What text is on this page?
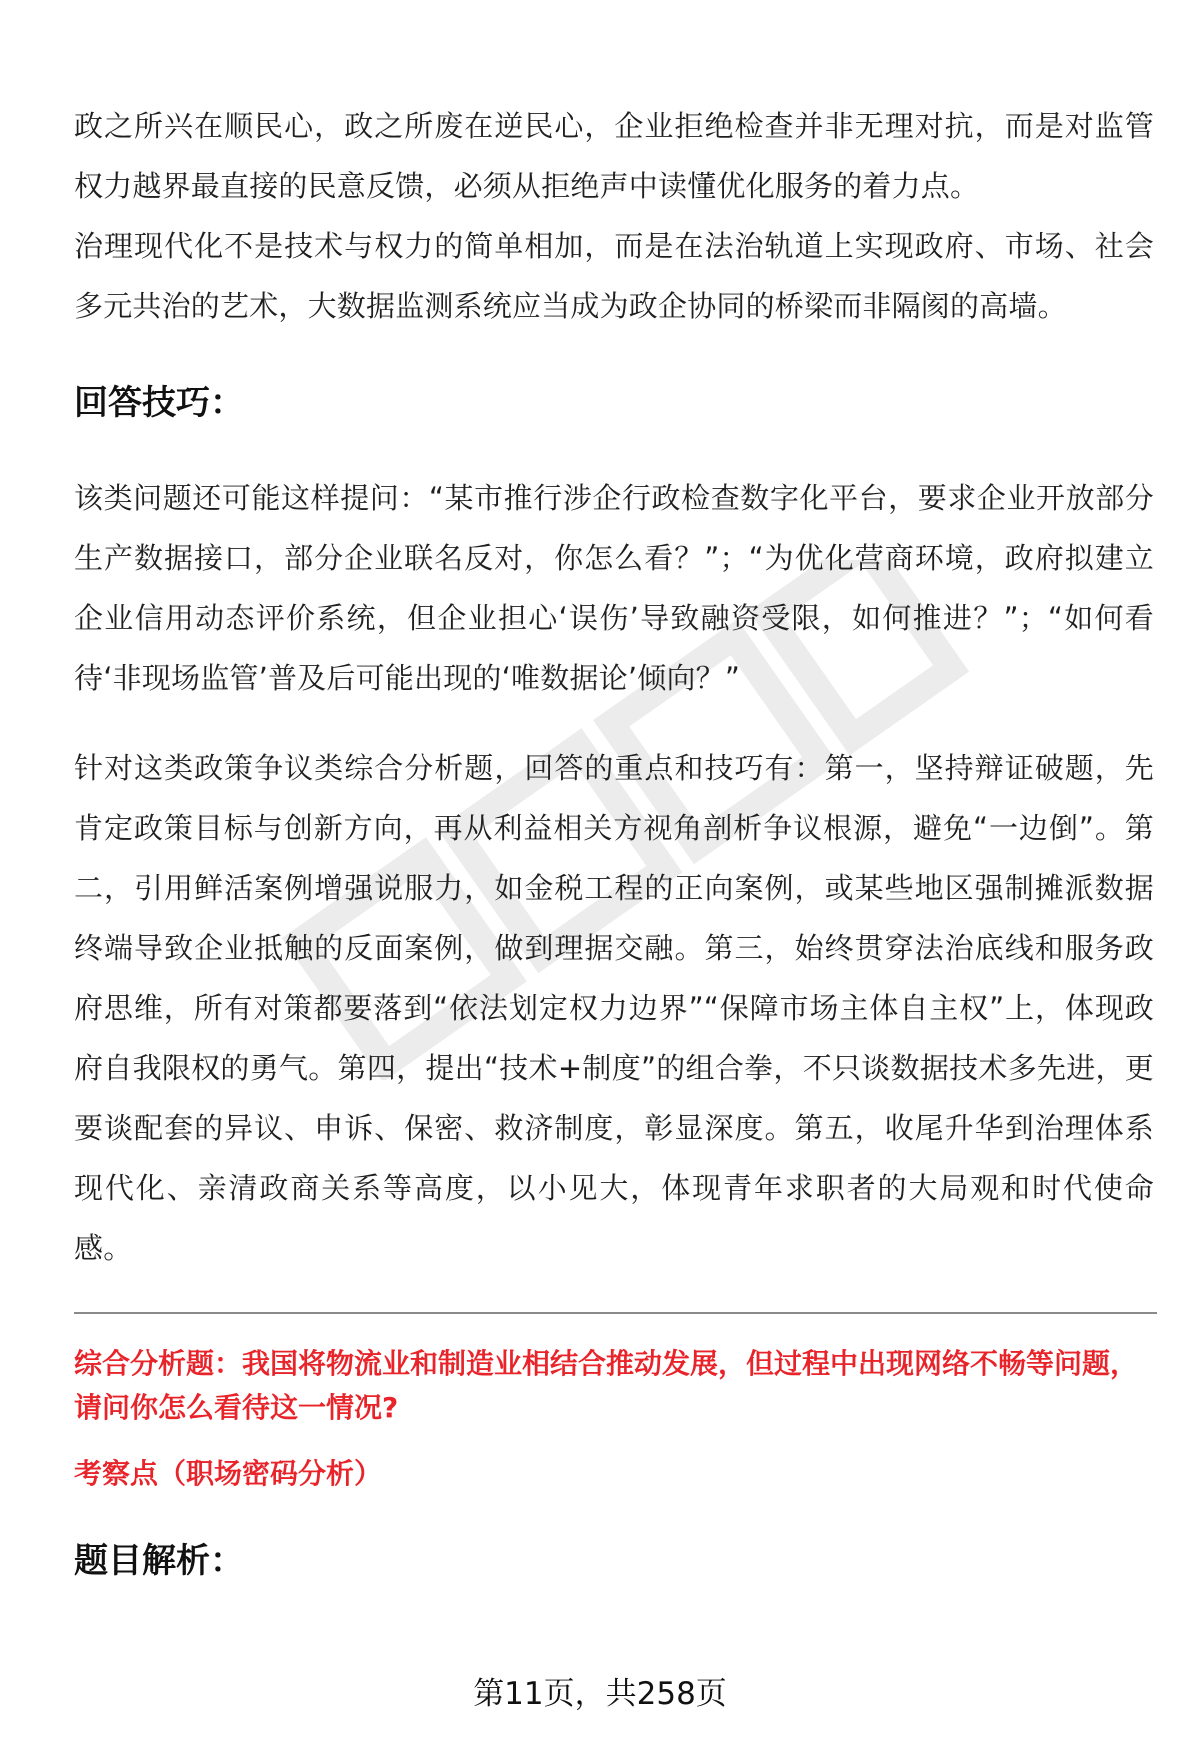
政之所兴在顺民心，政之所废在逆民心，企业拒绝检查并非无理对抗，而是对监管权力越界最直接的民意反馈，必须从拒绝声中读懂优化服务的着力点。

治理现代化不是技术与权力的简单相加，而是在法治轨道上实现政府、市场、社会多元共治的艺术，大数据监测系统应当成为政企协同的桥梁而非隔阂的高墙。

回答技巧：

该类问题还可能这样提问：“某市推行涉企行政检查数字化平台，要求企业开放部分生产数据接口，部分企业联名反对，你怎么看？”；“为优化营商环境，政府拟建立企业信用动态评价系统，但企业担心‘误伤’导致融资受限，如何推进？”；“如何看待‘非现场监管’普及后可能出现的‘唯数据论’倾向？”

针对这类政策争议类综合分析题，回答的重点和技巧有：第一，坚持辩证破题，先肯定政策目标与创新方向，再从利益相关方视角剖析争议根源，避免“一边倒”。第二，引用鲜活案例增强说服力，如金税工程的正向案例，或某些地区强制摊派数据终端导致企业抵触的反面案例，做到理据交融。第三，始终贯穿法治底线和服务政府思维，所有对策都要落到“依法划定权力边界”“保障市场主体自主权”上，体现政府自我限权的勇气。第四，提出“技术+制度”的组合拳，不只谈数据技术多先进，更要谈配套的异议、申诉、保密、救济制度，彰显深度。第五，收尾升华到治理体系现代化、亲清政商关系等高度，以小见大，体现青年求职者的大局观和时代使命感。

综合分析题：我国将物流业和制造业相结合推动发展，但过程中出现网络不畅等问题，请问你怎么看待这一情况?

考察点（职场密码分析）

题目解析：
第11页，共258页
